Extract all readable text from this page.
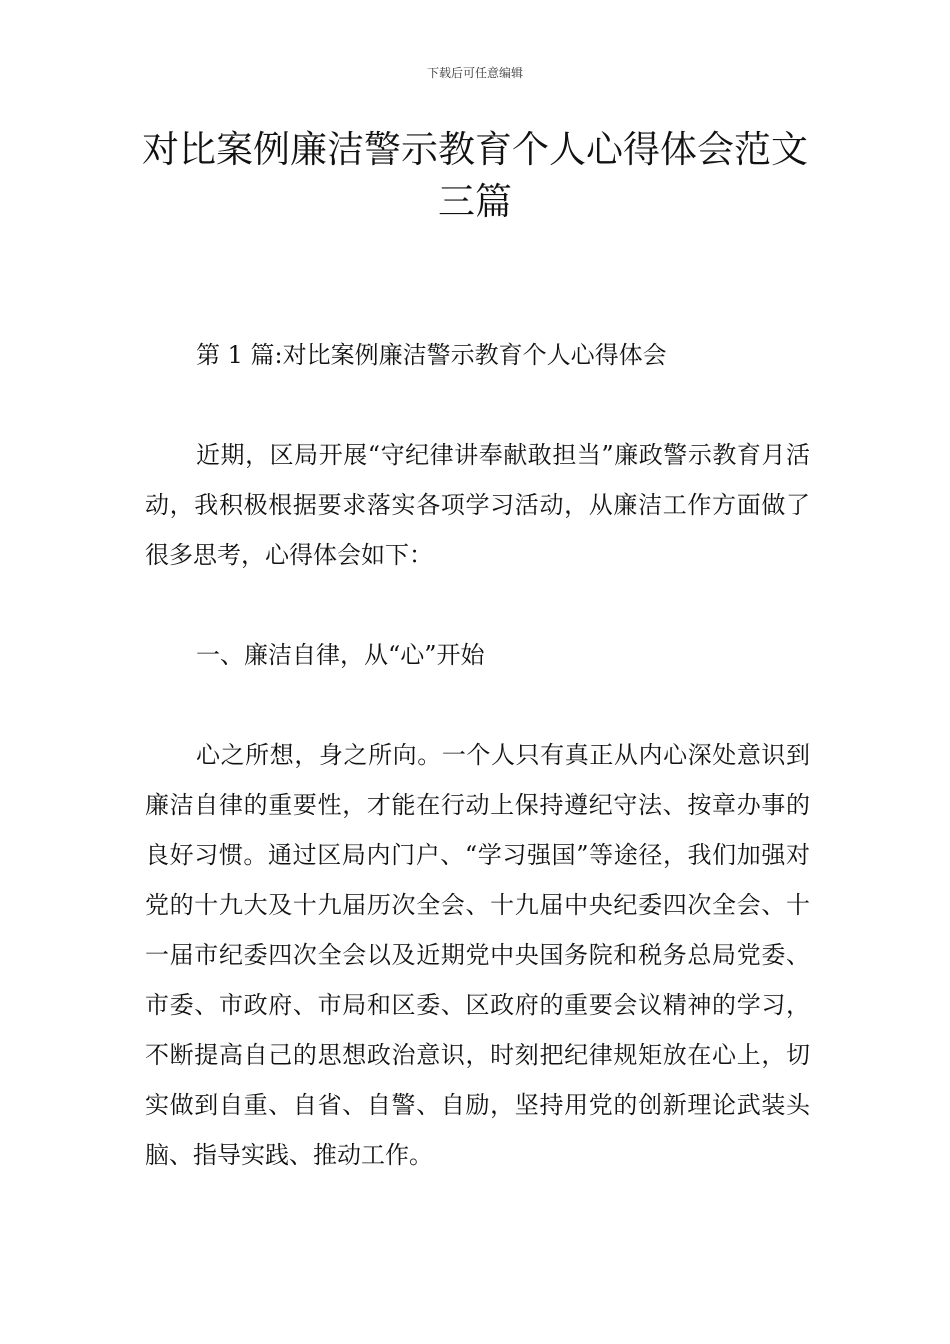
下载后可任意编辑
对比案例廉洁警示教育个人心得体会范文
三篇

第 1 篇:对比案例廉洁警示教育个人心得体会

近期，区局开展“守纪律讲奉献敢担当”廉政警示教育月活动，我积极根据要求落实各项学习活动，从廉洁工作方面做了很多思考，心得体会如下：

一、廉洁自律，从“心”开始

心之所想，身之所向。一个人只有真正从内心深处意识到廉洁自律的重要性，才能在行动上保持遵纪守法、按章办事的良好习惯。通过区局内门户、“学习强国”等途径，我们加强对党的十九大及十九届历次全会、十九届中央纪委四次全会、十一届市纪委四次全会以及近期党中央国务院和税务总局党委、市委、市政府、市局和区委、区政府的重要会议精神的学习，不断提高自己的思想政治意识，时刻把纪律规矩放在心上，切实做到自重、自省、自警、自励，坚持用党的创新理论武装头脑、指导实践、推动工作。
